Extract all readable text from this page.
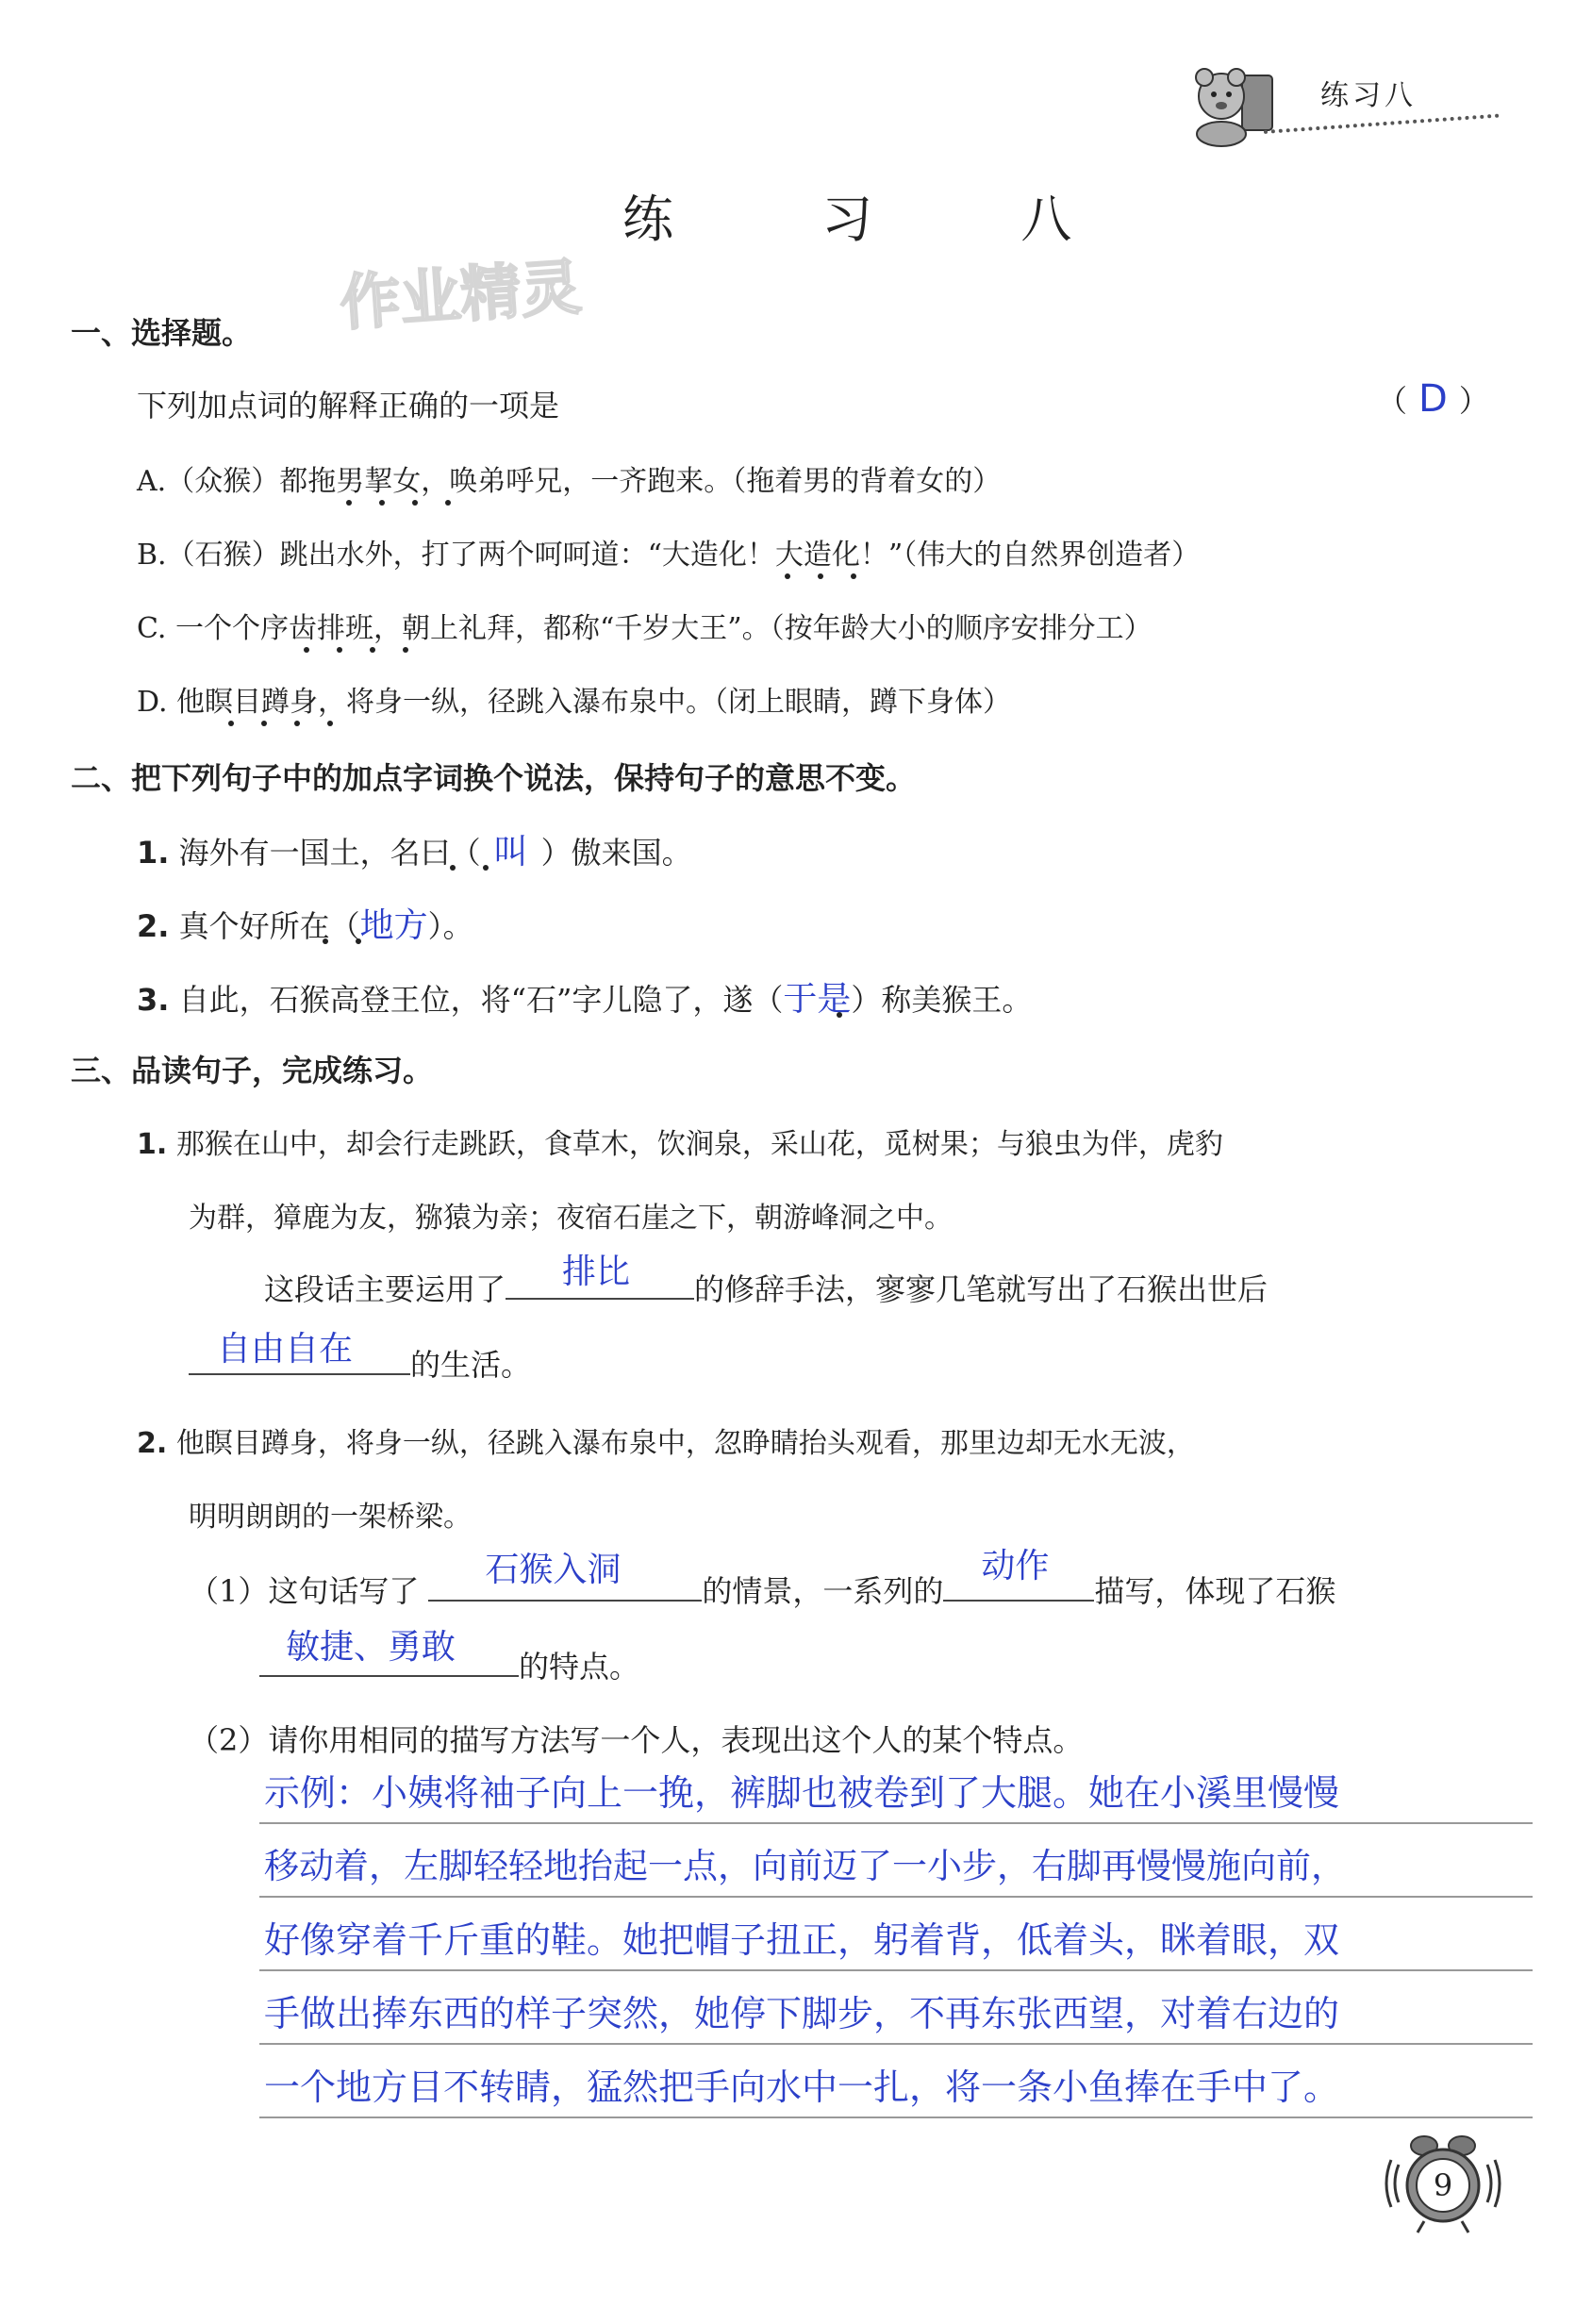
练习八
练 习 八
作业精灵
一、选择题。
下列加点词的解释正确的一项是	（ D ）
A.（众猴）都拖男挈女，唤弟呼兄，一齐跑来。（拖着男的背着女的）
B.（石猴）跳出水外，打了两个呵呵道：“大造化！大造化！”（伟大的自然界创造者）
C. 一个个序齿排班，朝上礼拜，都称“千岁大王”。（按年龄大小的顺序安排分工）
D. 他瞑目蹲身，将身一纵，径跳入瀑布泉中。（闭上眼睛，蹲下身体）
二、把下列句子中的加点字词换个说法，保持句子的意思不变。
1. 海外有一国土，名曰（ 叫 ）傲来国。
2. 真个好所在（地方）。
3. 自此，石猴高登王位，将“石”字儿隐了，遂（于是）称美猴王。
三、品读句子，完成练习。
1. 那猴在山中，却会行走跳跃，食草木，饮涧泉，采山花，觅树果；与狼虫为伴，虎豹
为群，獐鹿为友，猕猿为亲；夜宿石崖之下，朝游峰洞之中。
这段话主要运用了 排比 的修辞手法，寥寥几笔就写出了石猴出世后
自由自在 的生活。
2. 他瞑目蹲身，将身一纵，径跳入瀑布泉中，忽睁睛抬头观看，那里边却无水无波，
明明朗朗的一架桥梁。
（1）这句话写了
石猴入洞
的情景，一系列的
动作
描写，体现了石猴
敏捷、勇敢 的特点。
（2）请你用相同的描写方法写一个人，表现出这个人的某个特点。
示例：小姨将袖子向上一挽，裤脚也被卷到了大腿。她在小溪里慢慢
移动着，左脚轻轻地抬起一点，向前迈了一小步，右脚再慢慢施向前，
好像穿着千斤重的鞋。她把帽子扭正，躬着背，低着头，眯着眼，双
手做出捧东西的样子突然，她停下脚步，不再东张西望，对着右边的
一个地方目不转睛，猛然把手向水中一扎，将一条小鱼捧在手中了。
9
